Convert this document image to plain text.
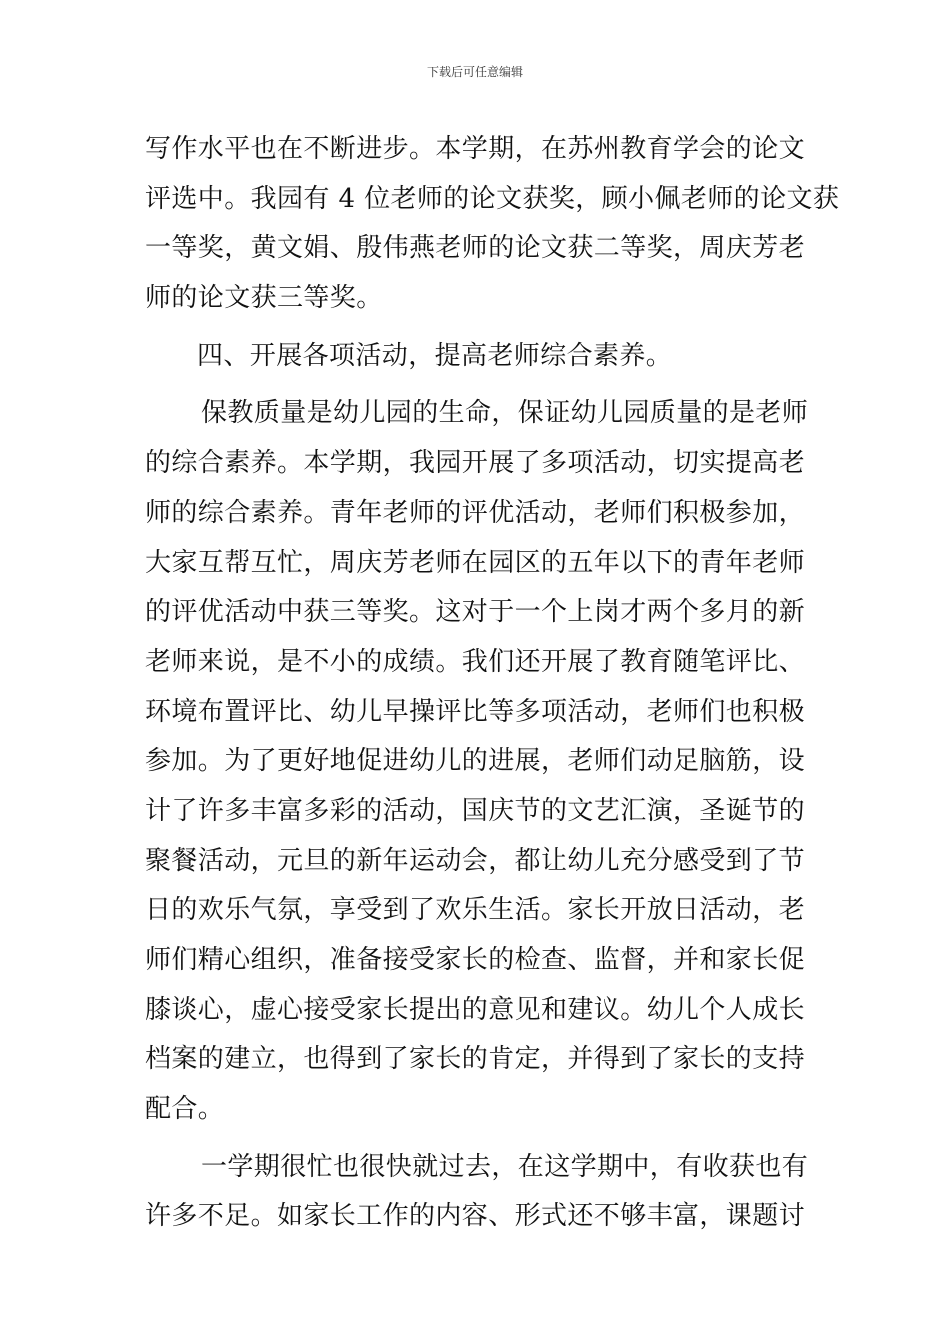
下载后可任意编辑
写作水平也在不断进步。本学期，在苏州教育学会的论文
评选中。我园有 4 位老师的论文获奖，顾小佩老师的论文获
一等奖，黄文娟、殷伟燕老师的论文获二等奖，周庆芳老
师的论文获三等奖。
四、开展各项活动，提高老师综合素养。
保教质量是幼儿园的生命，保证幼儿园质量的是老师
的综合素养。本学期，我园开展了多项活动，切实提高老
师的综合素养。青年老师的评优活动，老师们积极参加，
大家互帮互忙，周庆芳老师在园区的五年以下的青年老师
的评优活动中获三等奖。这对于一个上岗才两个多月的新
老师来说，是不小的成绩。我们还开展了教育随笔评比、
环境布置评比、幼儿早操评比等多项活动，老师们也积极
参加。为了更好地促进幼儿的进展，老师们动足脑筋，设
计了许多丰富多彩的活动，国庆节的文艺汇演，圣诞节的
聚餐活动，元旦的新年运动会，都让幼儿充分感受到了节
日的欢乐气氛，享受到了欢乐生活。家长开放日活动，老
师们精心组织，准备接受家长的检查、监督，并和家长促
膝谈心，虚心接受家长提出的意见和建议。幼儿个人成长
档案的建立，也得到了家长的肯定，并得到了家长的支持
配合。
一学期很忙也很快就过去，在这学期中，有收获也有
许多不足。如家长工作的内容、形式还不够丰富，课题讨
